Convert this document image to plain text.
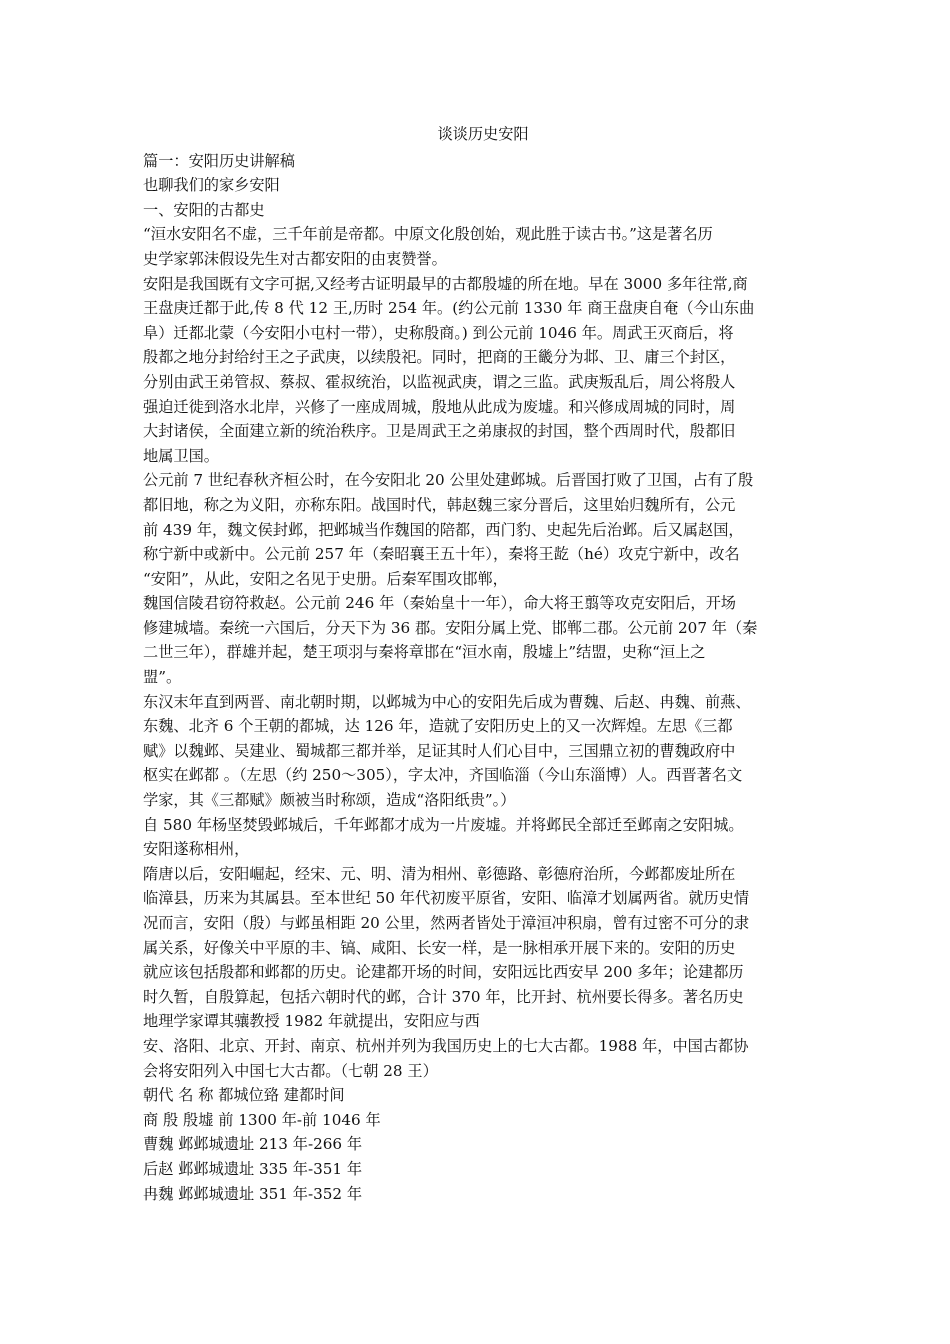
谈谈历史安阳
篇一：安阳历史讲解稿
也聊我们的家乡安阳
一、安阳的古都史
“洹水安阳名不虚，三千年前是帝都。中原文化殷创始，观此胜于读古书。”这是著名历
史学家郭沫假设先生对古都安阳的由衷赞誉。
安阳是我国既有文字可据,又经考古证明最早的古都殷墟的所在地。早在 3000 多年往常,商
王盘庚迁都于此,传 8 代 12 王,历时 254 年。(约公元前 1330 年 商王盘庚自奄（今山东曲
阜）迁都北蒙（今安阳小屯村一带），史称殷商。) 到公元前 1046 年。周武王灭商后，将
殷都之地分封给纣王之子武庚，以续殷祀。同时，把商的王畿分为邶、卫、庸三个封区，
分别由武王弟管叔、蔡叔、霍叔统治，以监视武庚，谓之三监。武庚叛乱后，周公将殷人
强迫迁徙到洛水北岸，兴修了一座成周城，殷地从此成为废墟。和兴修成周城的同时，周
大封诸侯，全面建立新的统治秩序。卫是周武王之弟康叔的封国，整个西周时代，殷都旧
地属卫国。
公元前 7 世纪春秋齐桓公时，在今安阳北 20 公里处建邺城。后晋国打败了卫国，占有了殷
都旧地，称之为义阳，亦称东阳。战国时代，韩赵魏三家分晋后，这里始归魏所有，公元
前 439 年，魏文侯封邺，把邺城当作魏国的陪都，西门豹、史起先后治邺。后又属赵国，
称宁新中或新中。公元前 257 年（秦昭襄王五十年），秦将王龁（hé）攻克宁新中，改名
“安阳”，从此，安阳之名见于史册。后秦军围攻邯郸，
魏国信陵君窃符救赵。公元前 246 年（秦始皇十一年），命大将王翦等攻克安阳后，开场
修建城墙。秦统一六国后，分天下为 36 郡。安阳分属上党、邯郸二郡。公元前 207 年（秦
二世三年），群雄并起，楚王项羽与秦将章邯在“洹水南，殷墟上”结盟，史称“洹上之
盟”。
东汉末年直到两晋、南北朝时期，以邺城为中心的安阳先后成为曹魏、后赵、冉魏、前燕、
东魏、北齐 6 个王朝的都城，达 126 年，造就了安阳历史上的又一次辉煌。左思《三都
赋》以魏邺、吴建业、蜀城都三都并举，足证其时人们心目中，三国鼎立初的曹魏政府中
枢实在邺都 。（左思（约 250～305），字太冲，齐国临淄（今山东淄博）人。西晋著名文
学家，其《三都赋》颇被当时称颂，造成“洛阳纸贵”。）
自 580 年杨坚焚毁邺城后，千年邺都才成为一片废墟。并将邺民全部迁至邺南之安阳城。
安阳遂称相州，
隋唐以后，安阳崛起，经宋、元、明、清为相州、彰德路、彰德府治所，今邺都废址所在
临漳县，历来为其属县。至本世纪 50 年代初废平原省，安阳、临漳才划属两省。就历史情
况而言，安阳（殷）与邺虽相距 20 公里，然两者皆处于漳洹冲积扇，曾有过密不可分的隶
属关系，好像关中平原的丰、镐、咸阳、长安一样，是一脉相承开展下来的。安阳的历史
就应该包括殷都和邺都的历史。论建都开场的时间，安阳远比西安早 200 多年；论建都历
时久暂，自殷算起，包括六朝时代的邺，合计 370 年，比开封、杭州要长得多。著名历史
地理学家谭其骧教授 1982 年就提出，安阳应与西
安、洛阳、北京、开封、南京、杭州并列为我国历史上的七大古都。1988 年，中国古都协
会将安阳列入中国七大古都。（七朝 28 王）
朝代 名 称 都城位臵 建都时间
商 殷 殷墟 前 1300 年-前 1046 年
曹魏 邺邺城遗址 213 年-266 年
后赵 邺邺城遗址 335 年-351 年
冉魏 邺邺城遗址 351 年-352 年
